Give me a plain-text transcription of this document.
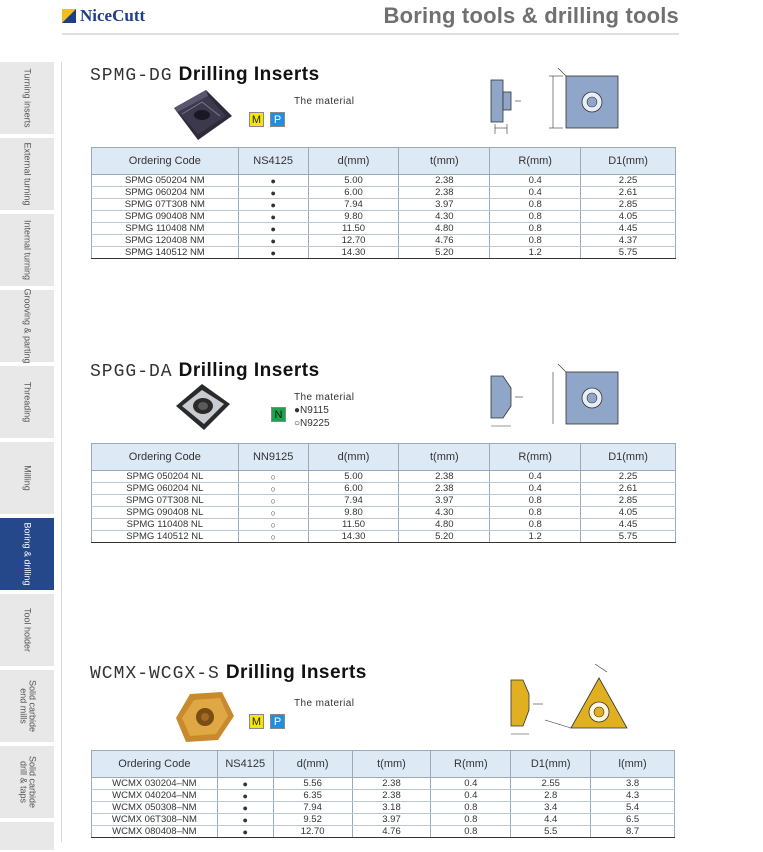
NiceCutt	Boring tools & drilling tools
Turning inserts
External turning
Internal turning
Grooving & parting
Threading
Milling
Boring & drilling
Tool holder
Solid carbide end mills
Solid carbide drill & taps
SPMG-DG Drilling Inserts
The material
M	P
Ordering Code	NS4125	d(mm)	t(mm)	R(mm)	D1(mm)
SPMG 050204 NM	●	5.00	2.38	0.4	2.25
SPMG 060204 NM	●	6.00	2.38	0.4	2.61
SPMG 07T308 NM	●	7.94	3.97	0.8	2.85
SPMG 090408 NM	●	9.80	4.30	0.8	4.05
SPMG 110408 NM	●	11.50	4.80	0.8	4.45
SPMG 120408 NM	●	12.70	4.76	0.8	4.37
SPMG 140512 NM	●	14.30	5.20	1.2	5.75
SPGG-DA Drilling Inserts
The material
N	●N9115
○N9225
Ordering Code	NN9125	d(mm)	t(mm)	R(mm)	D1(mm)
SPMG 050204 NL	○	5.00	2.38	0.4	2.25
SPMG 060204 NL	○	6.00	2.38	0.4	2.61
SPMG 07T308 NL	○	7.94	3.97	0.8	2.85
SPMG 090408 NL	○	9.80	4.30	0.8	4.05
SPMG 110408 NL	○	11.50	4.80	0.8	4.45
SPMG 140512 NL	○	14.30	5.20	1.2	5.75
WCMX-WCGX-S Drilling Inserts
The material
M	P
Ordering Code	NS4125	d(mm)	t(mm)	R(mm)	D1(mm)	l(mm)
WCMX 030204–NM	●	5.56	2.38	0.4	2.55	3.8
WCMX 040204–NM	●	6.35	2.38	0.4	2.8	4.3
WCMX 050308–NM	●	7.94	3.18	0.8	3.4	5.4
WCMX 06T308–NM	●	9.52	3.97	0.8	4.4	6.5
WCMX 080408–NM	●	12.70	4.76	0.8	5.5	8.7
